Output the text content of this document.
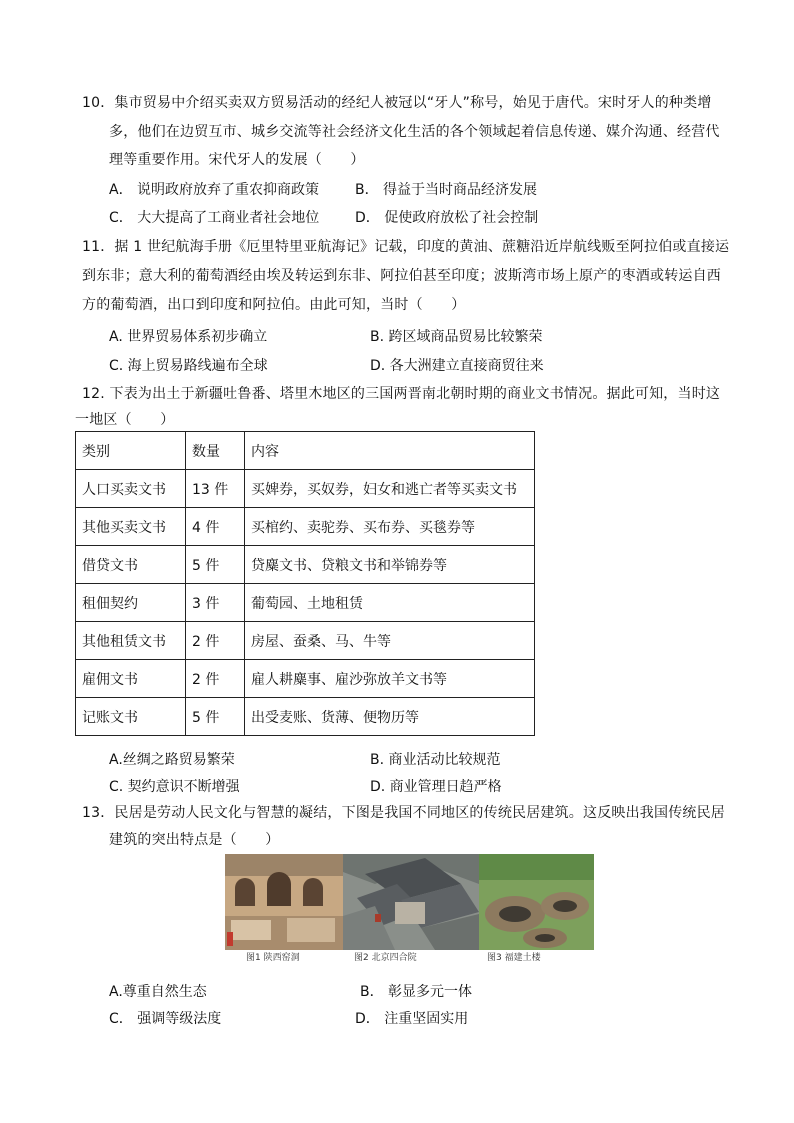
10．集市贸易中介绍买卖双方贸易活动的经纪人被冠以“牙人”称号，始见于唐代。宋时牙人的种类增
多，他们在边贸互市、城乡交流等社会经济文化生活的各个领域起着信息传递、媒介沟通、经营代
理等重要作用。宋代牙人的发展（　　）
A． 说明政府放弃了重农抑商政策	B． 得益于当时商品经济发展
C． 大大提高了工商业者社会地位	D． 促使政府放松了社会控制
11．据 1 世纪航海手册《厄里特里亚航海记》记载，印度的黄油、蔗糖沿近岸航线贩至阿拉伯或直接运
到东非；意大利的葡萄酒经由埃及转运到东非、阿拉伯甚至印度；波斯湾市场上原产的枣酒或转运自西
方的葡萄酒，出口到印度和阿拉伯。由此可知，当时（　　）
A. 世界贸易体系初步确立	B. 跨区域商品贸易比较繁荣
C. 海上贸易路线遍布全球	D. 各大洲建立直接商贸往来
12. 下表为出土于新疆吐鲁番、塔里木地区的三国两晋南北朝时期的商业文书情况。据此可知，当时这
一地区（　　）
类别	数量	内容
人口买卖文书	13 件	买婢券，买奴券，妇女和逃亡者等买卖文书
其他买卖文书	4 件	买棺约、卖驼券、买布券、买毯券等
借贷文书	5 件	贷麋文书、贷粮文书和举锦券等
租佃契约	3 件	葡萄园、土地租赁
其他租赁文书	2 件	房屋、蚕桑、马、牛等
雇佣文书	2 件	雇人耕麋事、雇沙弥放羊文书等
记账文书	5 件	出受麦账、货薄、便物历等
A.丝绸之路贸易繁荣	B. 商业活动比较规范
C. 契约意识不断增强	D. 商业管理日趋严格
13．民居是劳动人民文化与智慧的凝结，下图是我国不同地区的传统民居建筑。这反映出我国传统民居
建筑的突出特点是（　　）
图1 陕西窑洞	图2 北京四合院	图3 福建土楼
A.尊重自然生态	B． 彰显多元一体
C． 强调等级法度	D． 注重坚固实用
